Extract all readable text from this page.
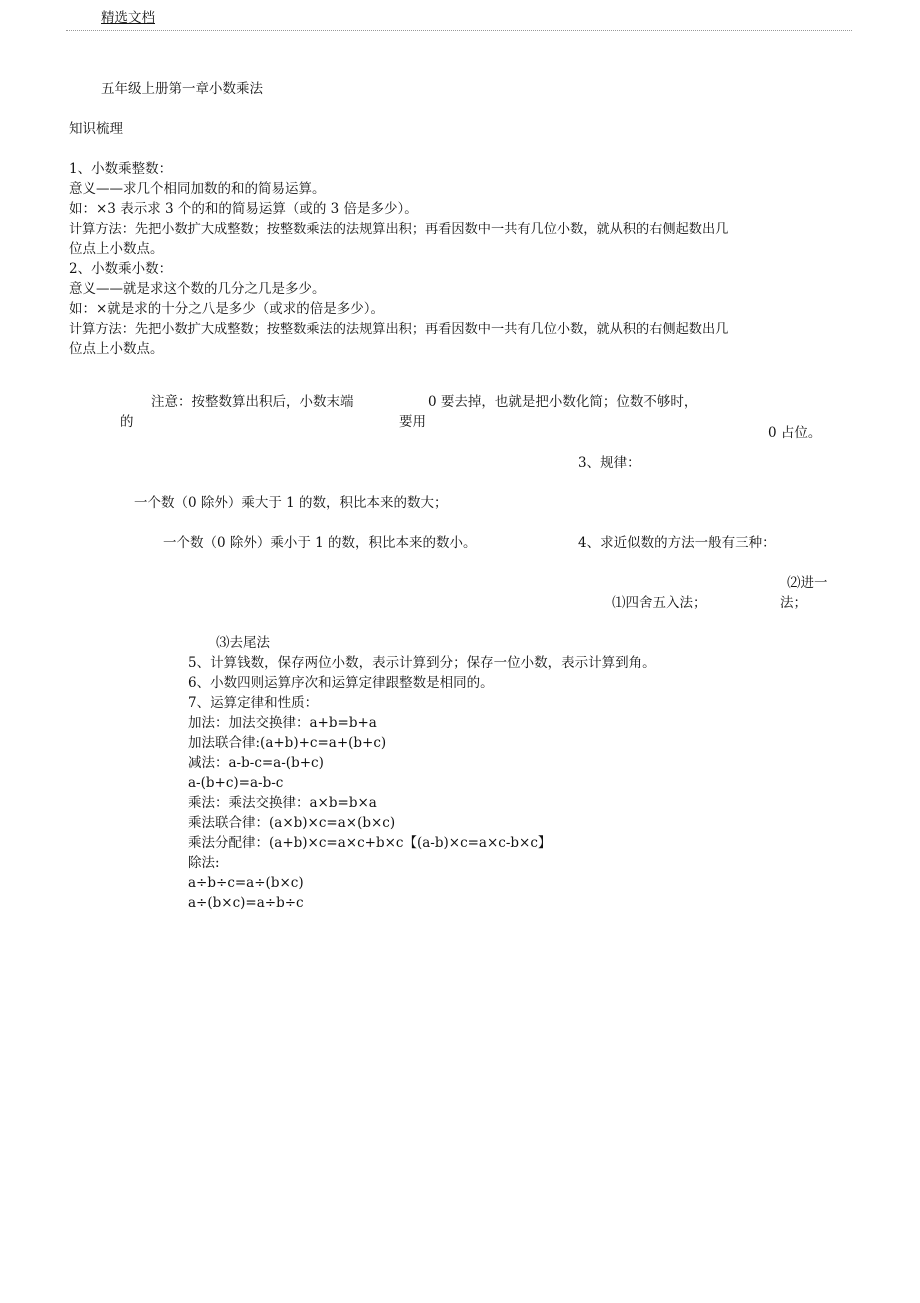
精选文档
五年级上册第一章小数乘法
知识梳理
1、小数乘整数：
意义——求几个相同加数的和的简易运算。
如：×3 表示求 3 个的和的简易运算（或的 3 倍是多少）。
计算方法：先把小数扩大成整数；按整数乘法的法规算出积；再看因数中一共有几位小数，就从积的右侧起数出几
位点上小数点。
2、小数乘小数：
意义——就是求这个数的几分之几是多少。
如：×就是求的十分之八是多少（或求的倍是多少）。
计算方法：先把小数扩大成整数；按整数乘法的法规算出积；再看因数中一共有几位小数，就从积的右侧起数出几
位点上小数点。
注意：按整数算出积后，小数末端
的
0 要去掉，也就是把小数化简；位数不够时，
要用
0 占位。
3、规律：
一个数（0 除外）乘大于 1 的数，积比本来的数大；
一个数（0 除外）乘小于 1 的数，积比本来的数小。	4、求近似数的方法一般有三种：
⑵进一
⑴四舍五入法；	法；
⑶去尾法
5、计算钱数，保存两位小数，表示计算到分；保存一位小数，表示计算到角。
6、小数四则运算序次和运算定律跟整数是相同的。
7、运算定律和性质：
加法：加法交换律：a+b=b+a
加法联合律:(a+b)+c=a+(b+c)
减法：a-b-c=a-(b+c)
a-(b+c)=a-b-c
乘法：乘法交换律：a×b=b×a
乘法联合律：(a×b)×c=a×(b×c)
乘法分配律：(a+b)×c=a×c+b×c【(a-b)×c=a×c-b×c】
除法:
a÷b÷c=a÷(b×c)
a÷(b×c)=a÷b÷c
